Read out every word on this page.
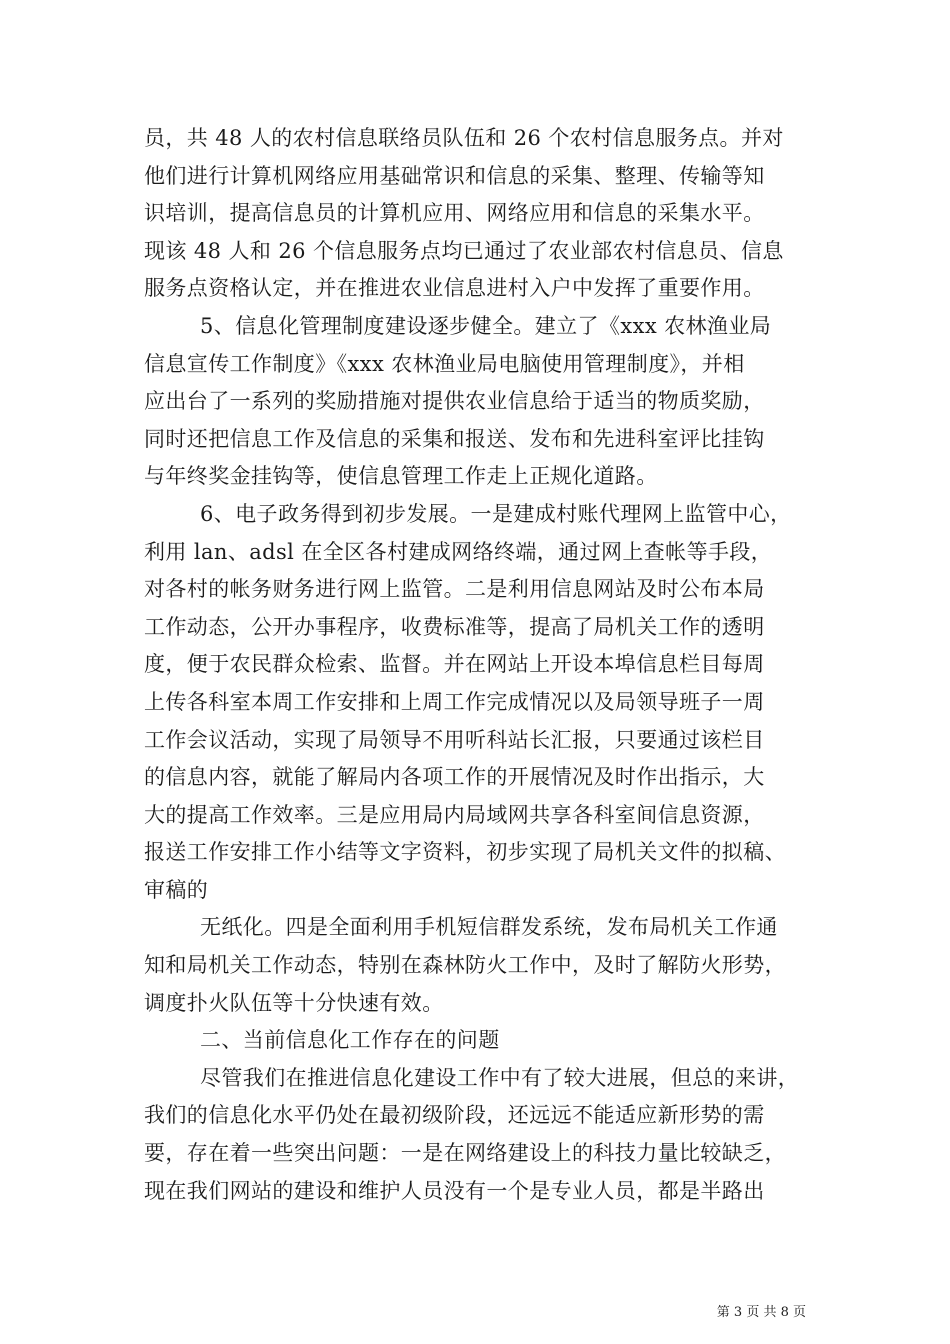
员，共 48 人的农村信息联络员队伍和 26 个农村信息服务点。并对
他们进行计算机网络应用基础常识和信息的采集、整理、传输等知
识培训，提高信息员的计算机应用、网络应用和信息的采集水平。
现该 48 人和 26 个信息服务点均已通过了农业部农村信息员、信息
服务点资格认定，并在推进农业信息进村入户中发挥了重要作用。
5、信息化管理制度建设逐步健全。建立了《xxx 农林渔业局
信息宣传工作制度》《xxx 农林渔业局电脑使用管理制度》，并相
应出台了一系列的奖励措施对提供农业信息给于适当的物质奖励，
同时还把信息工作及信息的采集和报送、发布和先进科室评比挂钩
与年终奖金挂钩等，使信息管理工作走上正规化道路。
6、电子政务得到初步发展。一是建成村账代理网上监管中心，
利用 lan、adsl 在全区各村建成网络终端，通过网上查帐等手段，
对各村的帐务财务进行网上监管。二是利用信息网站及时公布本局
工作动态，公开办事程序，收费标准等，提高了局机关工作的透明
度，便于农民群众检索、监督。并在网站上开设本埠信息栏目每周
上传各科室本周工作安排和上周工作完成情况以及局领导班子一周
工作会议活动，实现了局领导不用听科站长汇报，只要通过该栏目
的信息内容，就能了解局内各项工作的开展情况及时作出指示，大
大的提高工作效率。三是应用局内局域网共享各科室间信息资源，
报送工作安排工作小结等文字资料，初步实现了局机关文件的拟稿、
审稿的
无纸化。四是全面利用手机短信群发系统，发布局机关工作通
知和局机关工作动态，特别在森林防火工作中，及时了解防火形势，
调度扑火队伍等十分快速有效。
二、当前信息化工作存在的问题
尽管我们在推进信息化建设工作中有了较大进展，但总的来讲，
我们的信息化水平仍处在最初级阶段，还远远不能适应新形势的需
要，存在着一些突出问题：一是在网络建设上的科技力量比较缺乏，
现在我们网站的建设和维护人员没有一个是专业人员，都是半路出
第 3 页 共 8 页
